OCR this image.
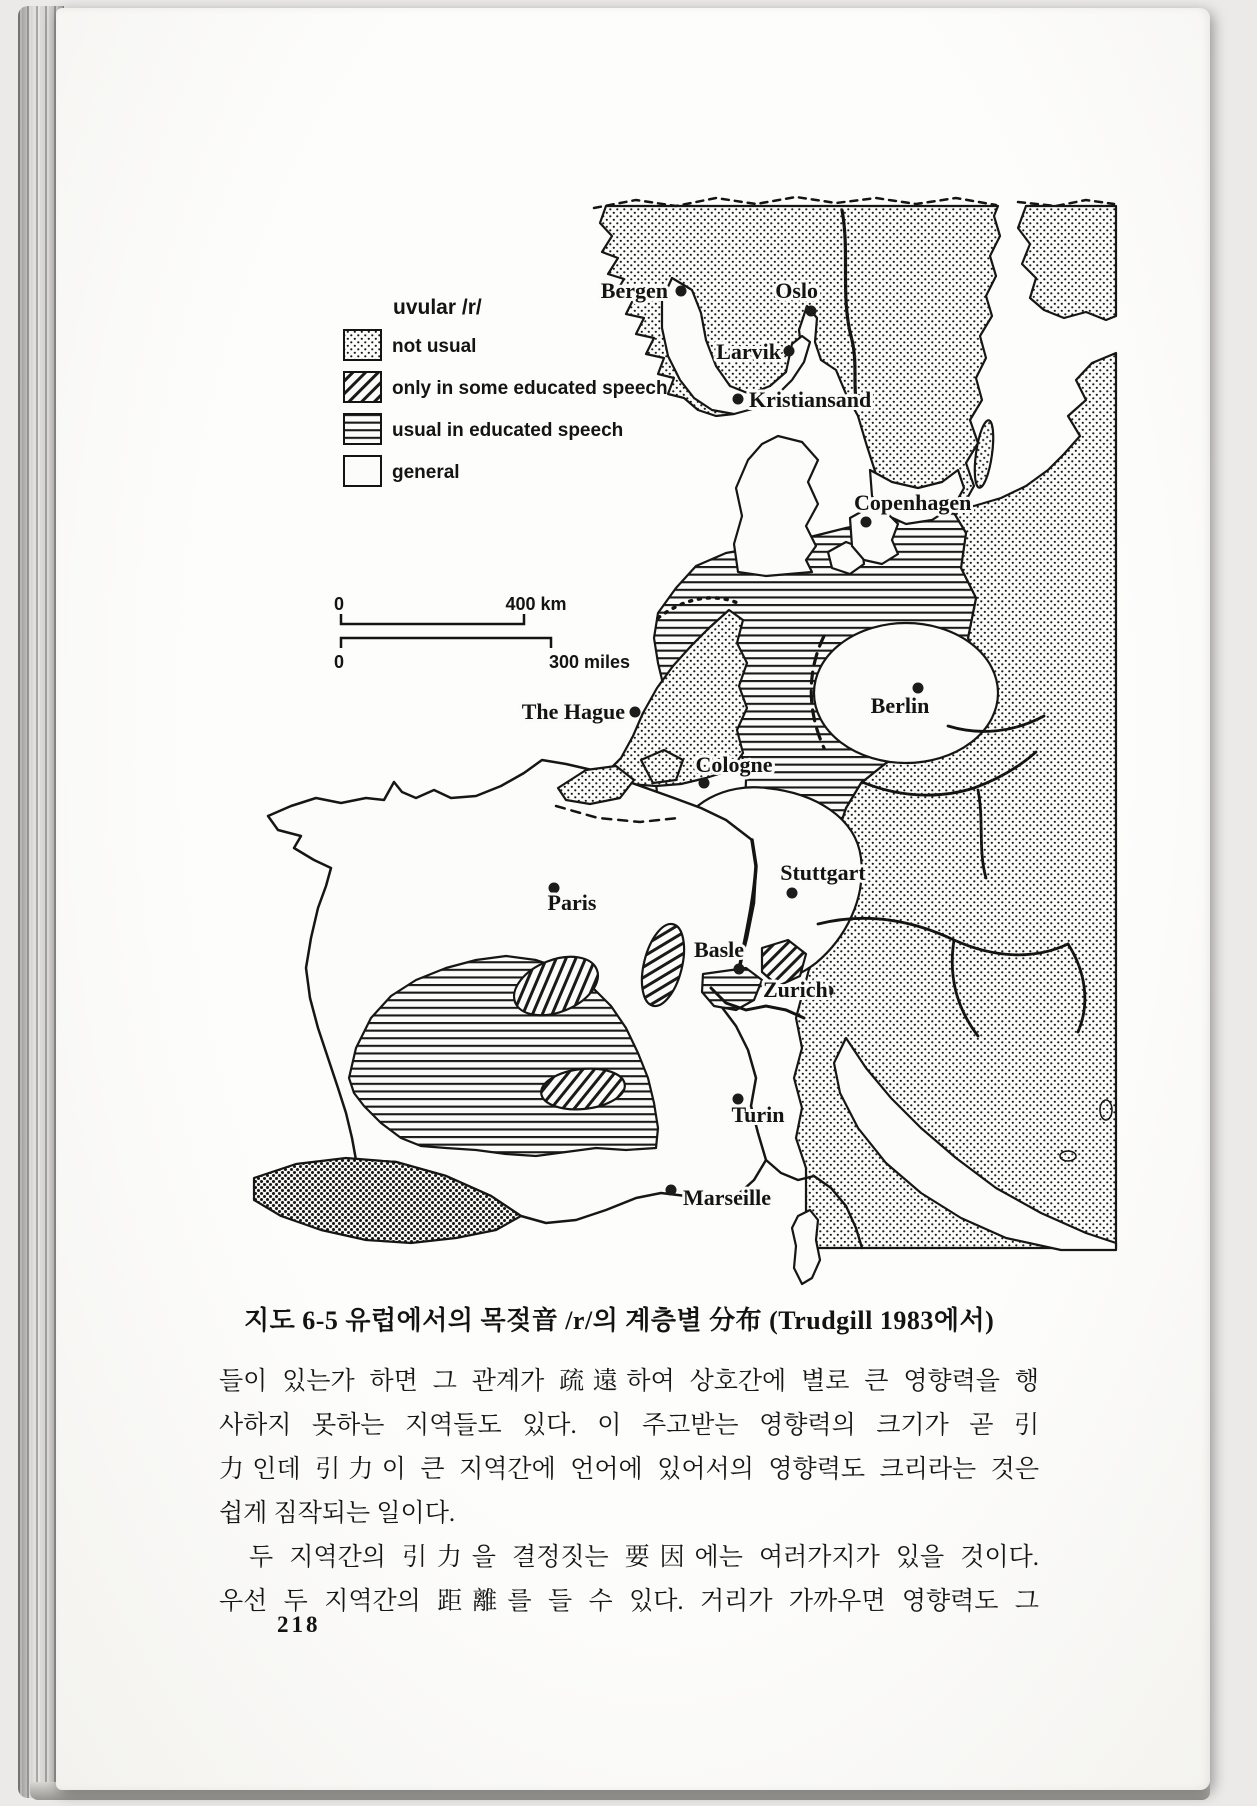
uvular /r/
not usual
only in some educated speech
usual in educated speech
general
0	400 km
0	300 miles
Bergen	Oslo
Larvik
Kristiansand
Copenhagen
The Hague	Berlin
Cologne
Stuttgart
Basle
Zurich
Paris
Turin
Marseille
지도 6-5 유럽에서의 목젖音 /r/의 계층별 分布 (Trudgill 1983에서)
들이 있는가 하면 그 관계가 疏遠하여 상호간에 별로 큰 영향력을 행
사하지 못하는 지역들도 있다. 이 주고받는 영향력의 크기가 곧 引
力인데 引力이 큰 지역간에 언어에 있어서의 영향력도 크리라는 것은
쉽게 짐작되는 일이다.
두 지역간의 引力을 결정짓는 要因에는 여러가지가 있을 것이다.
우선 두 지역간의 距離를 들 수 있다. 거리가 가까우면 영향력도 그
218
